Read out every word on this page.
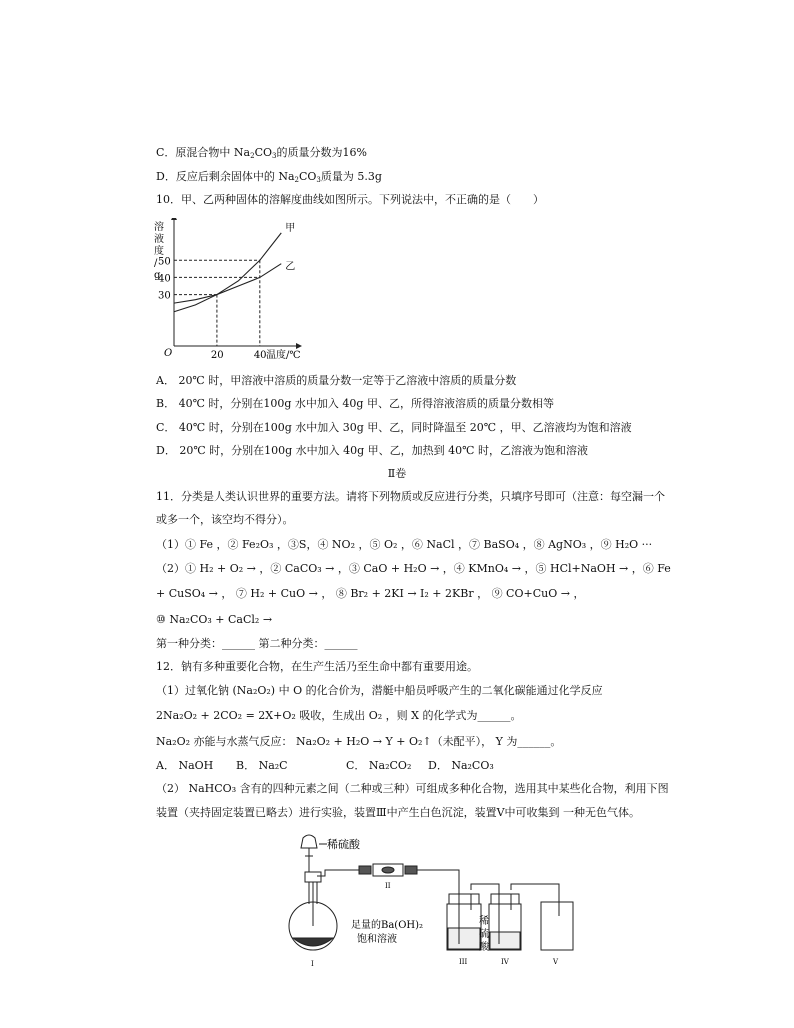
C．原混合物中 $Na_2CO_3$的质量分数为16%
D．反应后剩余固体中的 $Na_2CO_3$质量为 5.3g
10．甲、乙两种固体的溶解度曲线如图所示。下列说法中，不正确的是（　　）
溶
液
度
/
g
温度/℃
O	20	40
30
40
50
甲
乙
A． 20℃ 时，甲溶液中溶质的质量分数一定等于乙溶液中溶质的质量分数
B． 40℃ 时，分别在100g 水中加入 40g 甲、乙，所得溶液溶质的质量分数相等
C． 40℃ 时，分别在100g 水中加入 30g 甲、乙，同时降温至 20℃ ，甲、乙溶液均为饱和溶液
D． 20℃ 时，分别在100g 水中加入 40g 甲、乙，加热到 40℃ 时，乙溶液为饱和溶液
Ⅱ卷
11．分类是人类认识世界的重要方法。请将下列物质或反应进行分类，只填序号即可（注意：每空漏一个
或多一个，该空均不得分）。
（1）① Fe ，② Fe₂O₃ ，③S，④ NO₂ ，⑤ O₂ ，⑥ NaCl ，⑦ BaSO₄ ，⑧ AgNO₃ ，⑨ H₂O ···
（2）① H₂ + O₂ → ，② CaCO₃ → ，③ CaO + H₂O → ，④ KMnO₄ → ，⑤ HCl+NaOH → ，⑥ Fe
+ CuSO₄ → ， ⑦ H₂ + CuO → ， ⑧ Br₂ + 2KI → I₂ + 2KBr ， ⑨ CO+CuO → ，
⑩ Na₂CO₃ + CaCl₂ →
第一种分类：______ 第二种分类：______
12．钠有多种重要化合物，在生产生活乃至生命中都有重要用途。
（1）过氧化钠 (Na₂O₂) 中 O 的化合价为，潜艇中船员呼吸产生的二氧化碳能通过化学反应
2Na₂O₂ + 2CO₂ = 2X+O₂ 吸收，生成出 O₂ ，则 X 的化学式为______。
Na₂O₂ 亦能与水蒸气反应： Na₂O₂ + H₂O → Y + O₂↑（未配平）， Y 为______。
A． NaOH B． Na₂C	C． Na₂CO₂ D． Na₂CO₃
（2） NaHCO₃ 含有的四种元素之间（二种或三种）可组成多种化合物，选用其中某些化合物，利用下图
装置（夹持固定装置已略去）进行实验，装置Ⅲ中产生白色沉淀，装置Ⅴ中可收集到 一种无色气体。
稀硫酸
II
I	III	IV	V
足量的Ba(OH)₂
饱和溶液
稀
硫
酸
